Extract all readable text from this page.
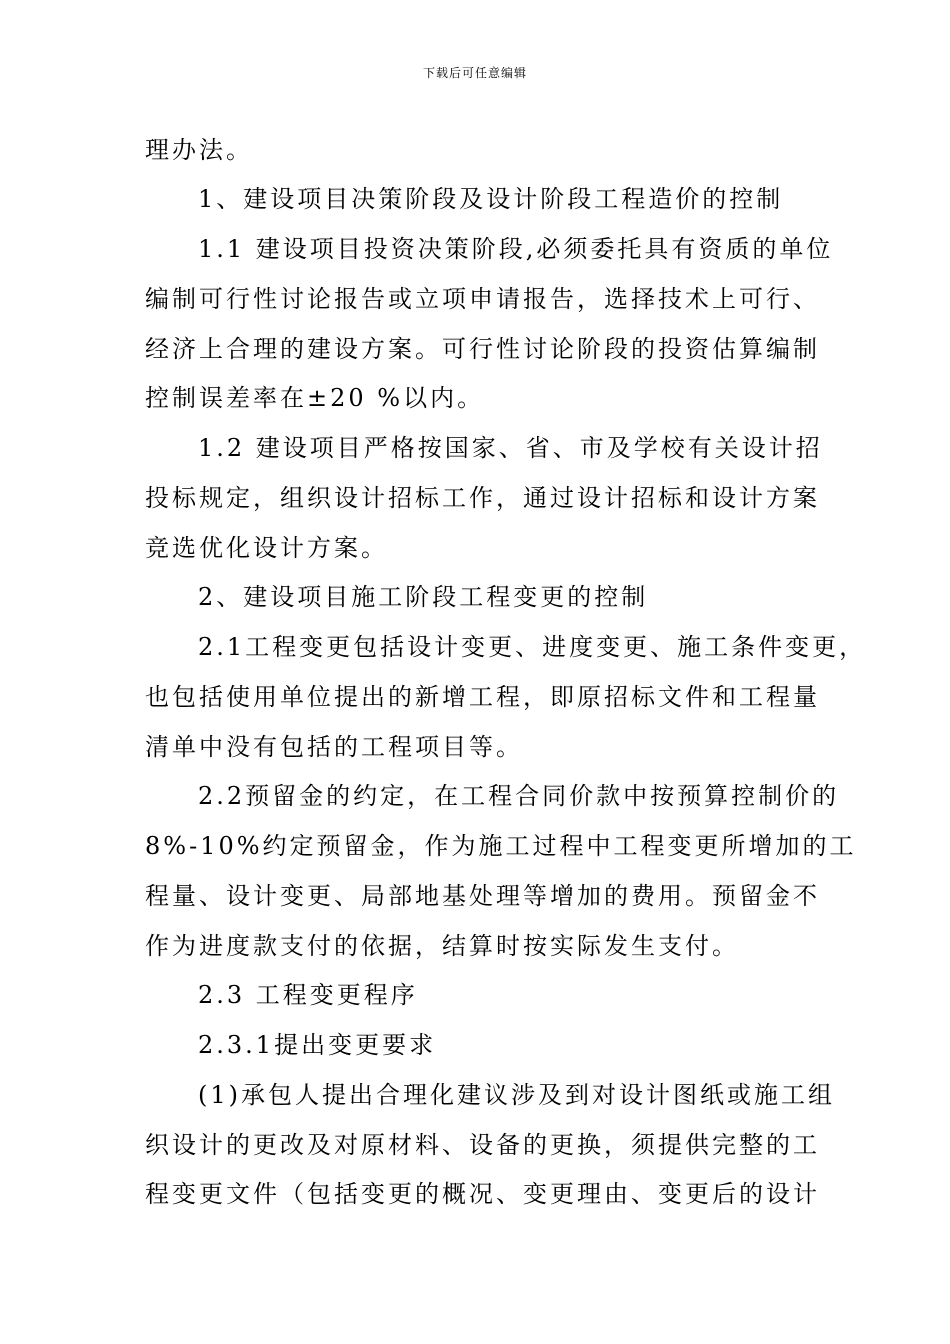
下载后可任意编辑
理办法。
1、建设项目决策阶段及设计阶段工程造价的控制
1.1 建设项目投资决策阶段,必须委托具有资质的单位
编制可行性讨论报告或立项申请报告，选择技术上可行、
经济上合理的建设方案。可行性讨论阶段的投资估算编制
控制误差率在±20 %以内。
1.2 建设项目严格按国家、省、市及学校有关设计招
投标规定，组织设计招标工作，通过设计招标和设计方案
竞选优化设计方案。
2、建设项目施工阶段工程变更的控制
2.1工程变更包括设计变更、进度变更、施工条件变更，
也包括使用单位提出的新增工程，即原招标文件和工程量
清单中没有包括的工程项目等。
2.2预留金的约定，在工程合同价款中按预算控制价的
8%-10%约定预留金，作为施工过程中工程变更所增加的工
程量、设计变更、局部地基处理等增加的费用。预留金不
作为进度款支付的依据，结算时按实际发生支付。
2.3 工程变更程序
2.3.1提出变更要求
(1)承包人提出合理化建议涉及到对设计图纸或施工组
织设计的更改及对原材料、设备的更换，须提供完整的工
程变更文件（包括变更的概况、变更理由、变更后的设计
